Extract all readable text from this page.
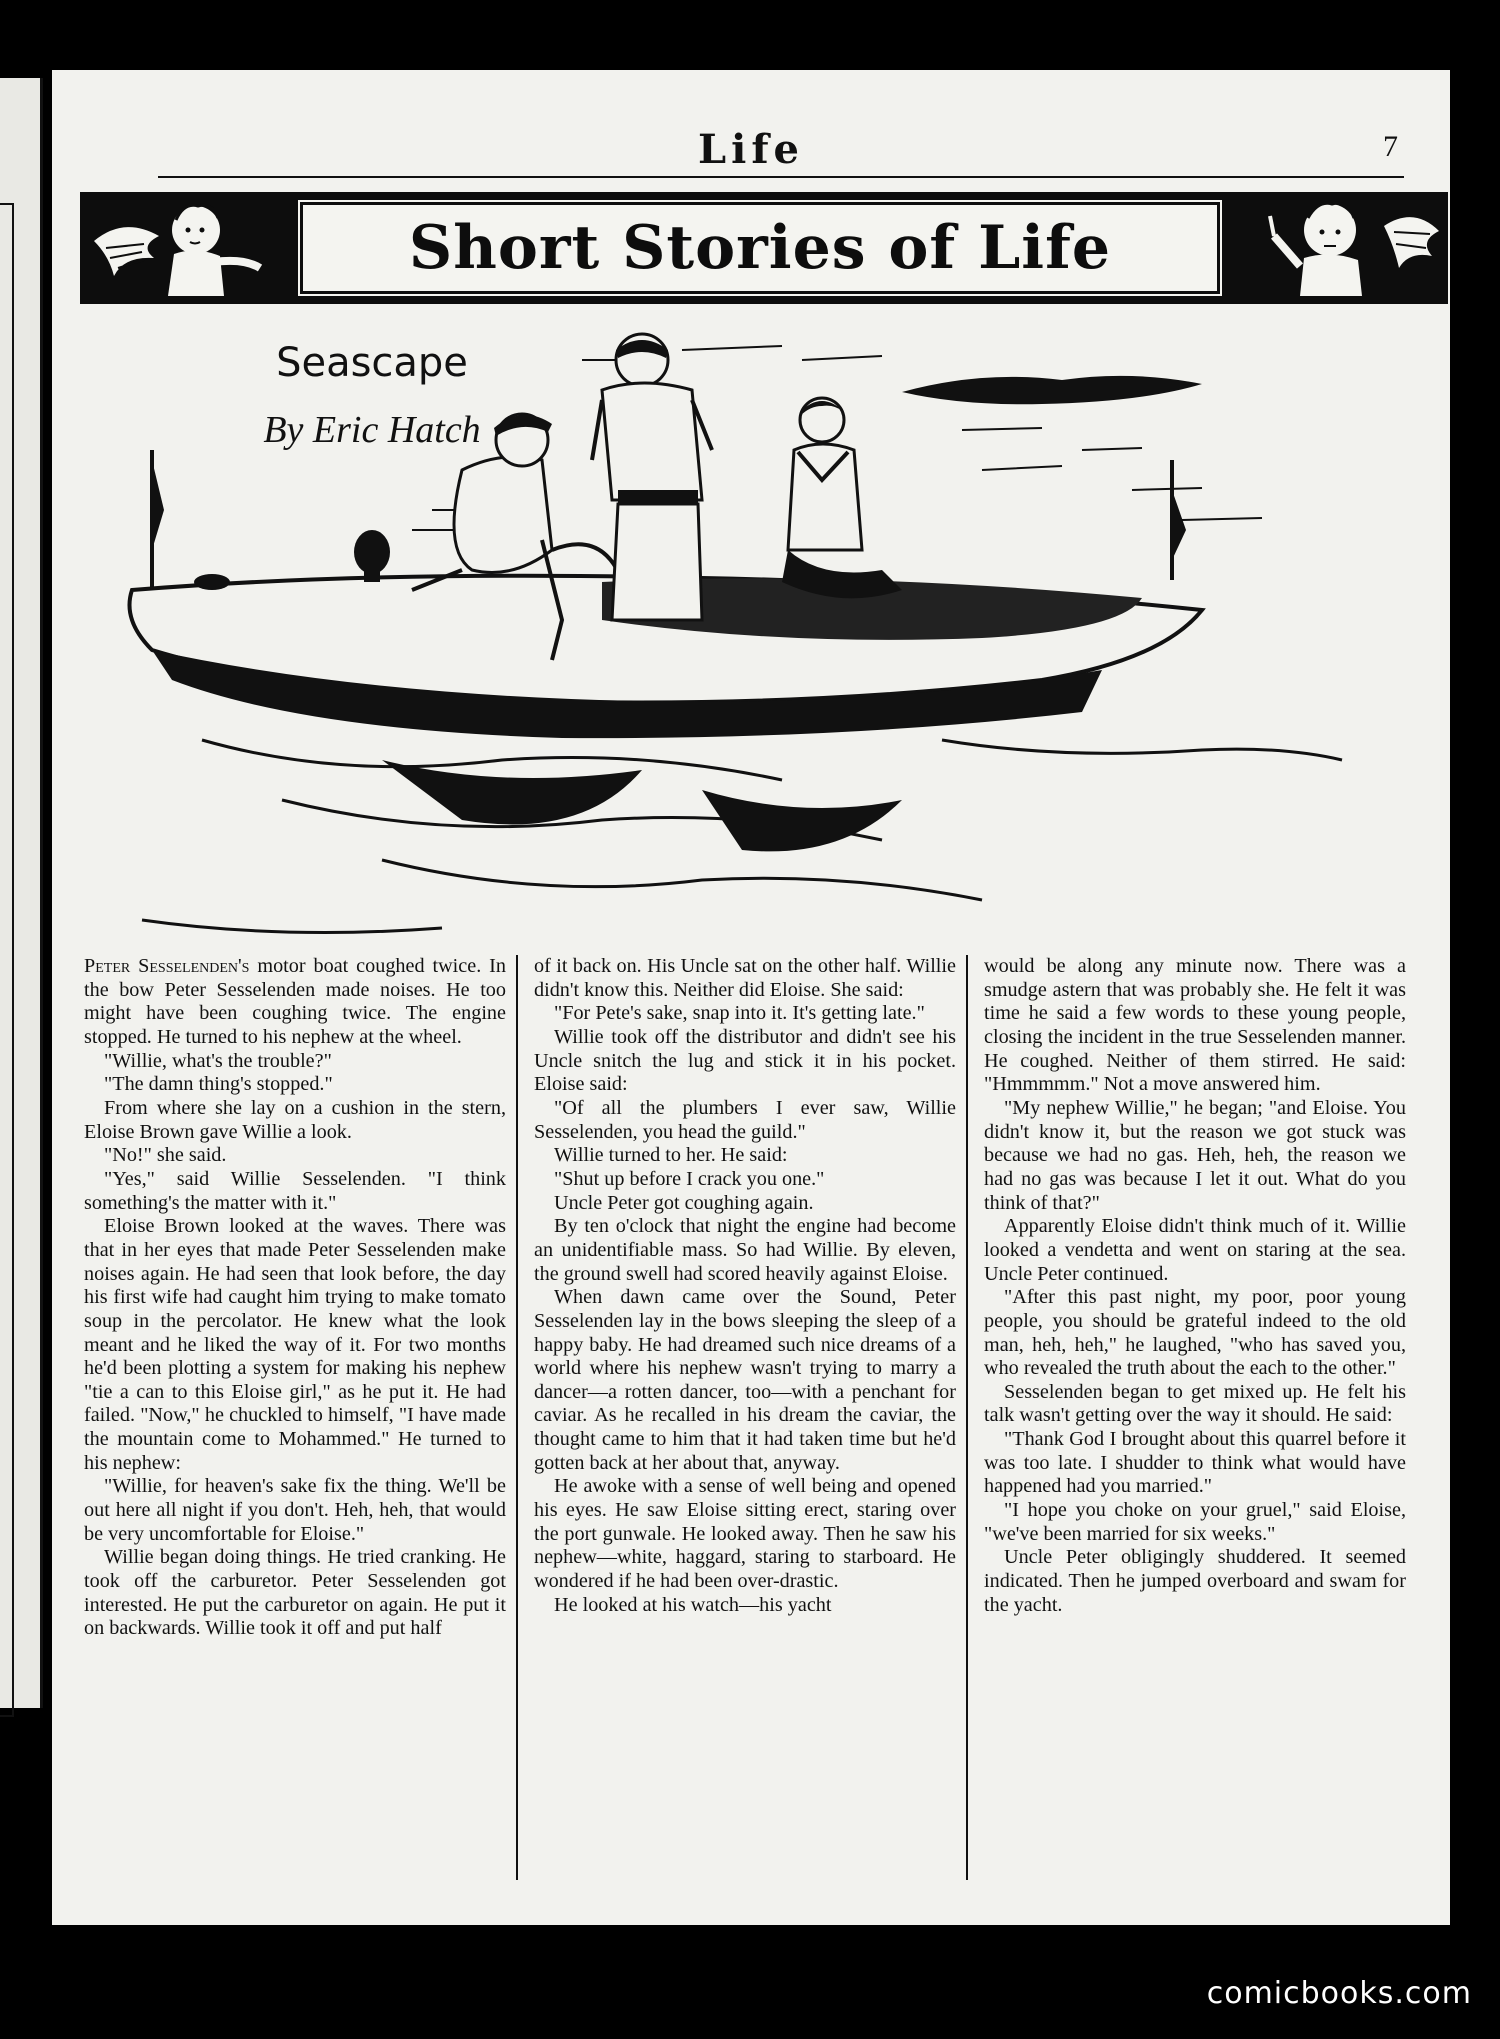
Life	7
Short Stories of Life
Seascape
By Eric Hatch

Peter Sesselenden's motor boat coughed twice. In the bow Peter Sesselenden made noises. He too might have been coughing twice. The engine stopped. He turned to his nephew at the wheel.

"Willie, what's the trouble?"

"The damn thing's stopped."

From where she lay on a cushion in the stern, Eloise Brown gave Willie a look.

"No!" she said.

"Yes," said Willie Sesselenden. "I think something's the matter with it."

Eloise Brown looked at the waves. There was that in her eyes that made Peter Sesselenden make noises again. He had seen that look before, the day his first wife had caught him trying to make tomato soup in the percolator. He knew what the look meant and he liked the way of it. For two months he'd been plotting a system for making his nephew "tie a can to this Eloise girl," as he put it. He had failed. "Now," he chuckled to himself, "I have made the mountain come to Mohammed." He turned to his nephew:

"Willie, for heaven's sake fix the thing. We'll be out here all night if you don't. Heh, heh, that would be very uncomfortable for Eloise."

Willie began doing things. He tried cranking. He took off the carburetor. Peter Sesselenden got interested. He put the carburetor on again. He put it on backwards. Willie took it off and put half

of it back on. His Uncle sat on the other half. Willie didn't know this. Neither did Eloise. She said:

"For Pete's sake, snap into it. It's getting late."

Willie took off the distributor and didn't see his Uncle snitch the lug and stick it in his pocket. Eloise said:

"Of all the plumbers I ever saw, Willie Sesselenden, you head the guild."

Willie turned to her. He said:

"Shut up before I crack you one."

Uncle Peter got coughing again.

By ten o'clock that night the engine had become an unidentifiable mass. So had Willie. By eleven, the ground swell had scored heavily against Eloise.

When dawn came over the Sound, Peter Sesselenden lay in the bows sleeping the sleep of a happy baby. He had dreamed such nice dreams of a world where his nephew wasn't trying to marry a dancer—a rotten dancer, too—with a penchant for caviar. As he recalled in his dream the caviar, the thought came to him that it had taken time but he'd gotten back at her about that, anyway.

He awoke with a sense of well being and opened his eyes. He saw Eloise sitting erect, staring over the port gunwale. He looked away. Then he saw his nephew—white, haggard, staring to starboard. He wondered if he had been over-drastic.

He looked at his watch—his yacht

would be along any minute now. There was a smudge astern that was probably she. He felt it was time he said a few words to these young people, closing the incident in the true Sesselenden manner. He coughed. Neither of them stirred. He said: "Hmmmmm." Not a move answered him.

"My nephew Willie," he began; "and Eloise. You didn't know it, but the reason we got stuck was because we had no gas. Heh, heh, the reason we had no gas was because I let it out. What do you think of that?"

Apparently Eloise didn't think much of it. Willie looked a vendetta and went on staring at the sea. Uncle Peter continued.

"After this past night, my poor, poor young people, you should be grateful indeed to the old man, heh, heh," he laughed, "who has saved you, who revealed the truth about the each to the other."

Sesselenden began to get mixed up. He felt his talk wasn't getting over the way it should. He said:

"Thank God I brought about this quarrel before it was too late. I shudder to think what would have happened had you married."

"I hope you choke on your gruel," said Eloise, "we've been married for six weeks."

Uncle Peter obligingly shuddered. It seemed indicated. Then he jumped overboard and swam for the yacht.

comicbooks.com
